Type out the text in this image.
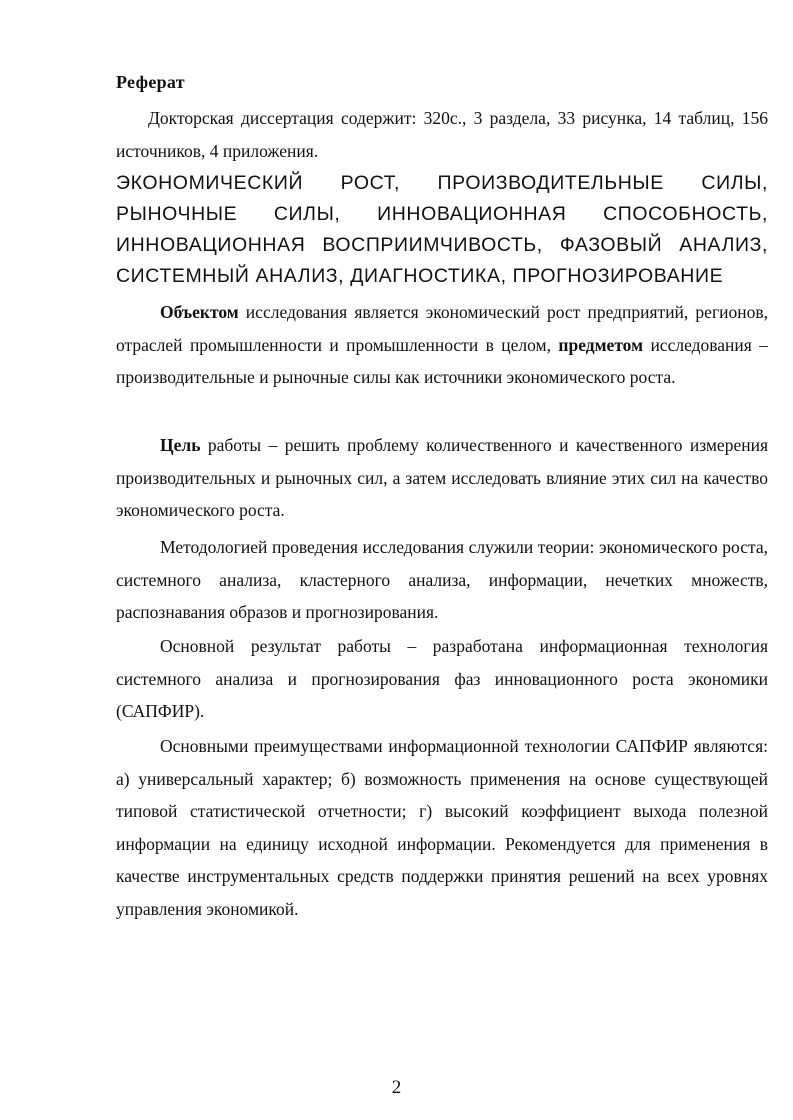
Реферат
Докторская диссертация содержит: 320с., 3 раздела, 33 рисунка, 14 таблиц, 156 источников, 4 приложения.
ЭКОНОМИЧЕСКИЙ РОСТ, ПРОИЗВОДИТЕЛЬНЫЕ СИЛЫ, РЫНОЧНЫЕ СИЛЫ, ИННОВАЦИОННАЯ СПОСОБНОСТЬ, ИННОВАЦИОННАЯ ВОСПРИИМЧИВОСТЬ, ФАЗОВЫЙ АНАЛИЗ, СИСТЕМНЫЙ АНАЛИЗ, ДИАГНОСТИКА, ПРОГНОЗИРОВАНИЕ
Объектом исследования является экономический рост предприятий, регионов, отраслей промышленности и промышленности в целом, предметом исследования – производительные и рыночные силы как источники экономического роста.
Цель работы – решить проблему количественного и качественного измерения производительных и рыночных сил, а затем исследовать влияние этих сил на качество экономического роста.
Методологией проведения исследования служили теории: экономического роста, системного анализа, кластерного анализа, информации, нечетких множеств, распознавания образов и прогнозирования.
Основной результат работы – разработана информационная технология системного анализа и прогнозирования фаз инновационного роста экономики (САПФИР).
Основными преимуществами информационной технологии САПФИР являются: а) универсальный характер; б) возможность применения на основе существующей типовой статистической отчетности; г) высокий коэффициент выхода полезной информации на единицу исходной информации. Рекомендуется для применения в качестве инструментальных средств поддержки принятия решений на всех уровнях управления экономикой.
2
